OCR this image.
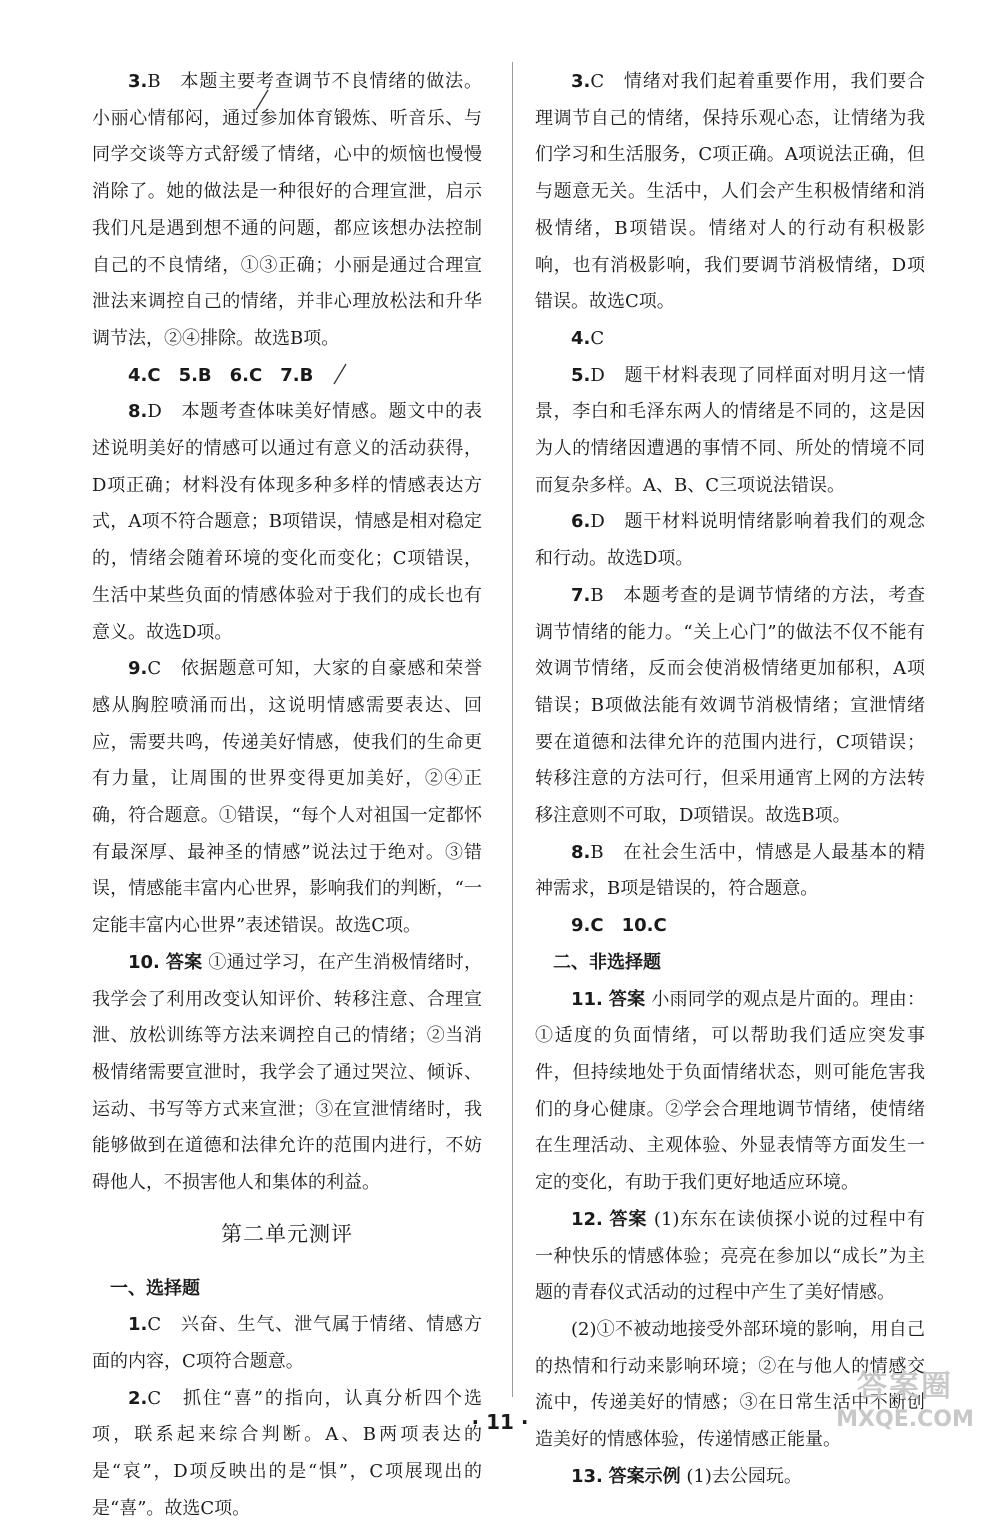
3.B　本题主要考查调节不良情绪的做法。小丽心情郁闷，通过参加体育锻炼、听音乐、与同学交谈等方式舒缓了情绪，心中的烦恼也慢慢消除了。她的做法是一种很好的合理宣泄，启示我们凡是遇到想不通的问题，都应该想办法控制自己的不良情绪，①③正确；小丽是通过合理宣泄法来调控自己的情绪，并非心理放松法和升华调节法，②④排除。故选B项。

4.C　5.B　6.C　7.B

8.D　本题考查体味美好情感。题文中的表述说明美好的情感可以通过有意义的活动获得，D项正确；材料没有体现多种多样的情感表达方式，A项不符合题意；B项错误，情感是相对稳定的，情绪会随着环境的变化而变化；C项错误，生活中某些负面的情感体验对于我们的成长也有意义。故选D项。

9.C　依据题意可知，大家的自豪感和荣誉感从胸腔喷涌而出，这说明情感需要表达、回应，需要共鸣，传递美好情感，使我们的生命更有力量，让周围的世界变得更加美好，②④正确，符合题意。①错误，“每个人对祖国一定都怀有最深厚、最神圣的情感”说法过于绝对。③错误，情感能丰富内心世界，影响我们的判断，“一定能丰富内心世界”表述错误。故选C项。

10. 答案 ①通过学习，在产生消极情绪时，我学会了利用改变认知评价、转移注意、合理宣泄、放松训练等方法来调控自己的情绪；②当消极情绪需要宣泄时，我学会了通过哭泣、倾诉、运动、书写等方式来宣泄；③在宣泄情绪时，我能够做到在道德和法律允许的范围内进行，不妨碍他人，不损害他人和集体的利益。

第二单元测评

一、选择题

1.C　兴奋、生气、泄气属于情绪、情感方面的内容，C项符合题意。

2.C　抓住“喜”的指向，认真分析四个选项，联系起来综合判断。A、B两项表达的是“哀”，D项反映出的是“惧”，C项展现出的是“喜”。故选C项。

3.C　情绪对我们起着重要作用，我们要合理调节自己的情绪，保持乐观心态，让情绪为我们学习和生活服务，C项正确。A项说法正确，但与题意无关。生活中，人们会产生积极情绪和消极情绪，B项错误。情绪对人的行动有积极影响，也有消极影响，我们要调节消极情绪，D项错误。故选C项。

4.C

5.D　题干材料表现了同样面对明月这一情景，李白和毛泽东两人的情绪是不同的，这是因为人的情绪因遭遇的事情不同、所处的情境不同而复杂多样。A、B、C三项说法错误。

6.D　题干材料说明情绪影响着我们的观念和行动。故选D项。

7.B　本题考查的是调节情绪的方法，考查调节情绪的能力。“关上心门”的做法不仅不能有效调节情绪，反而会使消极情绪更加郁积，A项错误；B项做法能有效调节消极情绪；宣泄情绪要在道德和法律允许的范围内进行，C项错误；转移注意的方法可行，但采用通宵上网的方法转移注意则不可取，D项错误。故选B项。

8.B　在社会生活中，情感是人最基本的精神需求，B项是错误的，符合题意。

9.C　10.C

二、非选择题

11. 答案 小雨同学的观点是片面的。理由：①适度的负面情绪，可以帮助我们适应突发事件，但持续地处于负面情绪状态，则可能危害我们的身心健康。②学会合理地调节情绪，使情绪在生理活动、主观体验、外显表情等方面发生一定的变化，有助于我们更好地适应环境。

12. 答案 (1)东东在读侦探小说的过程中有一种快乐的情感体验；亮亮在参加以“成长”为主题的青春仪式活动的过程中产生了美好情感。

(2)①不被动地接受外部环境的影响，用自己的热情和行动来影响环境；②在与他人的情感交流中，传递美好的情感；③在日常生活中不断创造美好的情感体验，传递情感正能量。

13. 答案示例 (1)去公园玩。

· 11 ·
答案圈
MXQE.COM
